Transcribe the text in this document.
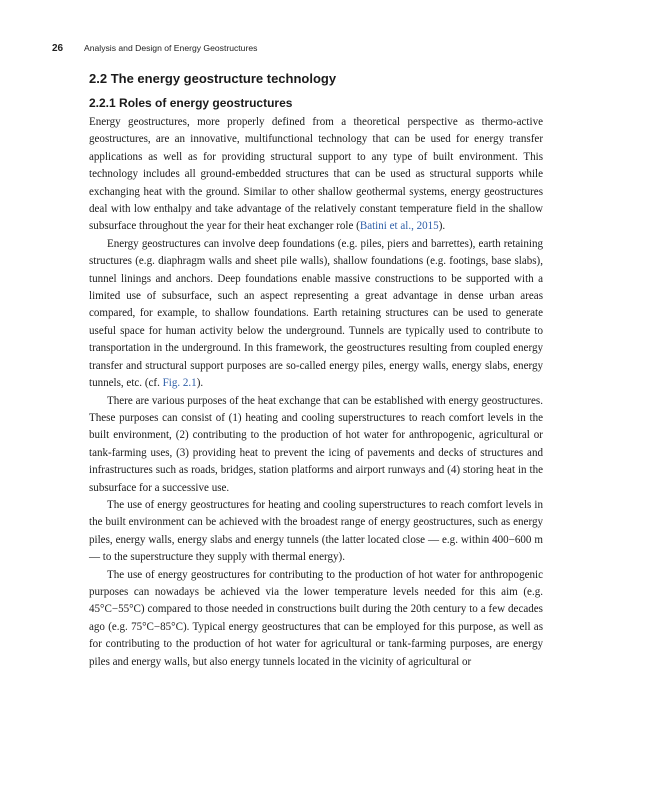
26 Analysis and Design of Energy Geostructures
2.2 The energy geostructure technology
2.2.1 Roles of energy geostructures

Energy geostructures, more properly defined from a theoretical perspective as thermo-active geostructures, are an innovative, multifunctional technology that can be used for energy transfer applications as well as for providing structural support to any type of built environment. This technology includes all ground-embedded structures that can be used as structural supports while exchanging heat with the ground. Similar to other shallow geothermal systems, energy geostructures deal with low enthalpy and take advantage of the relatively constant temperature field in the shallow subsurface throughout the year for their heat exchanger role (Batini et al., 2015).

Energy geostructures can involve deep foundations (e.g. piles, piers and barrettes), earth retaining structures (e.g. diaphragm walls and sheet pile walls), shallow foundations (e.g. footings, base slabs), tunnel linings and anchors. Deep foundations enable massive constructions to be supported with a limited use of subsurface, such an aspect representing a great advantage in dense urban areas compared, for example, to shallow foundations. Earth retaining structures can be used to generate useful space for human activity below the underground. Tunnels are typically used to contribute to transportation in the underground. In this framework, the geostructures resulting from coupled energy transfer and structural support purposes are so-called energy piles, energy walls, energy slabs, energy tunnels, etc. (cf. Fig. 2.1).

There are various purposes of the heat exchange that can be established with energy geostructures. These purposes can consist of (1) heating and cooling superstructures to reach comfort levels in the built environment, (2) contributing to the production of hot water for anthropogenic, agricultural or tank-farming uses, (3) providing heat to prevent the icing of pavements and decks of structures and infrastructures such as roads, bridges, station platforms and airport runways and (4) storing heat in the subsurface for a successive use.

The use of energy geostructures for heating and cooling superstructures to reach comfort levels in the built environment can be achieved with the broadest range of energy geostructures, such as energy piles, energy walls, energy slabs and energy tunnels (the latter located close — e.g. within 400−600 m — to the superstructure they supply with thermal energy).

The use of energy geostructures for contributing to the production of hot water for anthropogenic purposes can nowadays be achieved via the lower temperature levels needed for this aim (e.g. 45°C−55°C) compared to those needed in constructions built during the 20th century to a few decades ago (e.g. 75°C−85°C). Typical energy geostructures that can be employed for this purpose, as well as for contributing to the production of hot water for agricultural or tank-farming purposes, are energy piles and energy walls, but also energy tunnels located in the vicinity of agricultural or
